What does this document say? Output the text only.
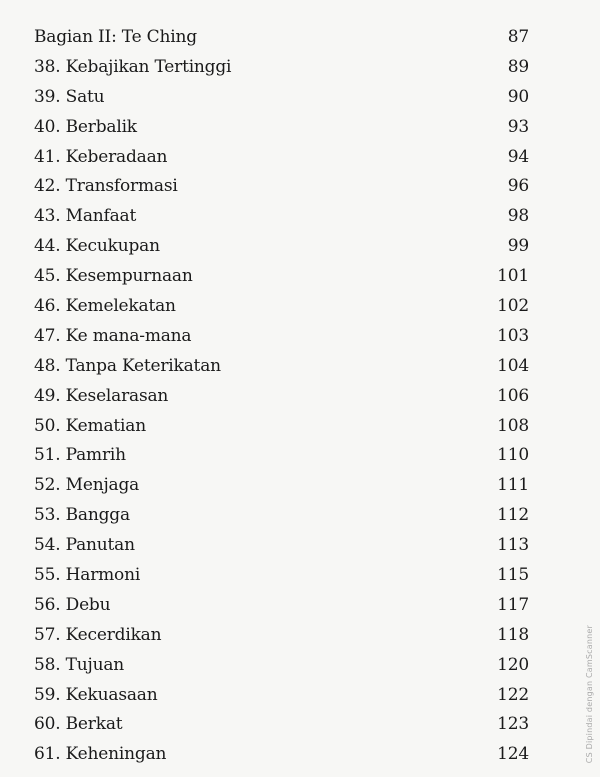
Bagian II: Te Ching	87
38. Kebajikan Tertinggi	89
39. Satu	90
40. Berbalik	93
41. Keberadaan	94
42. Transformasi	96
43. Manfaat	98
44. Kecukupan	99
45. Kesempurnaan	101
46. Kemelekatan	102
47. Ke mana-mana	103
48. Tanpa Keterikatan	104
49. Keselarasan	106
50. Kematian	108
51. Pamrih	110
52. Menjaga	111
53. Bangga	112
54. Panutan	113
55. Harmoni	115
56. Debu	117
57. Kecerdikan	118
58. Tujuan	120
59. Kekuasaan	122
60. Berkat	123
61. Keheningan	124	CS Dipindai dengan CamScanner
